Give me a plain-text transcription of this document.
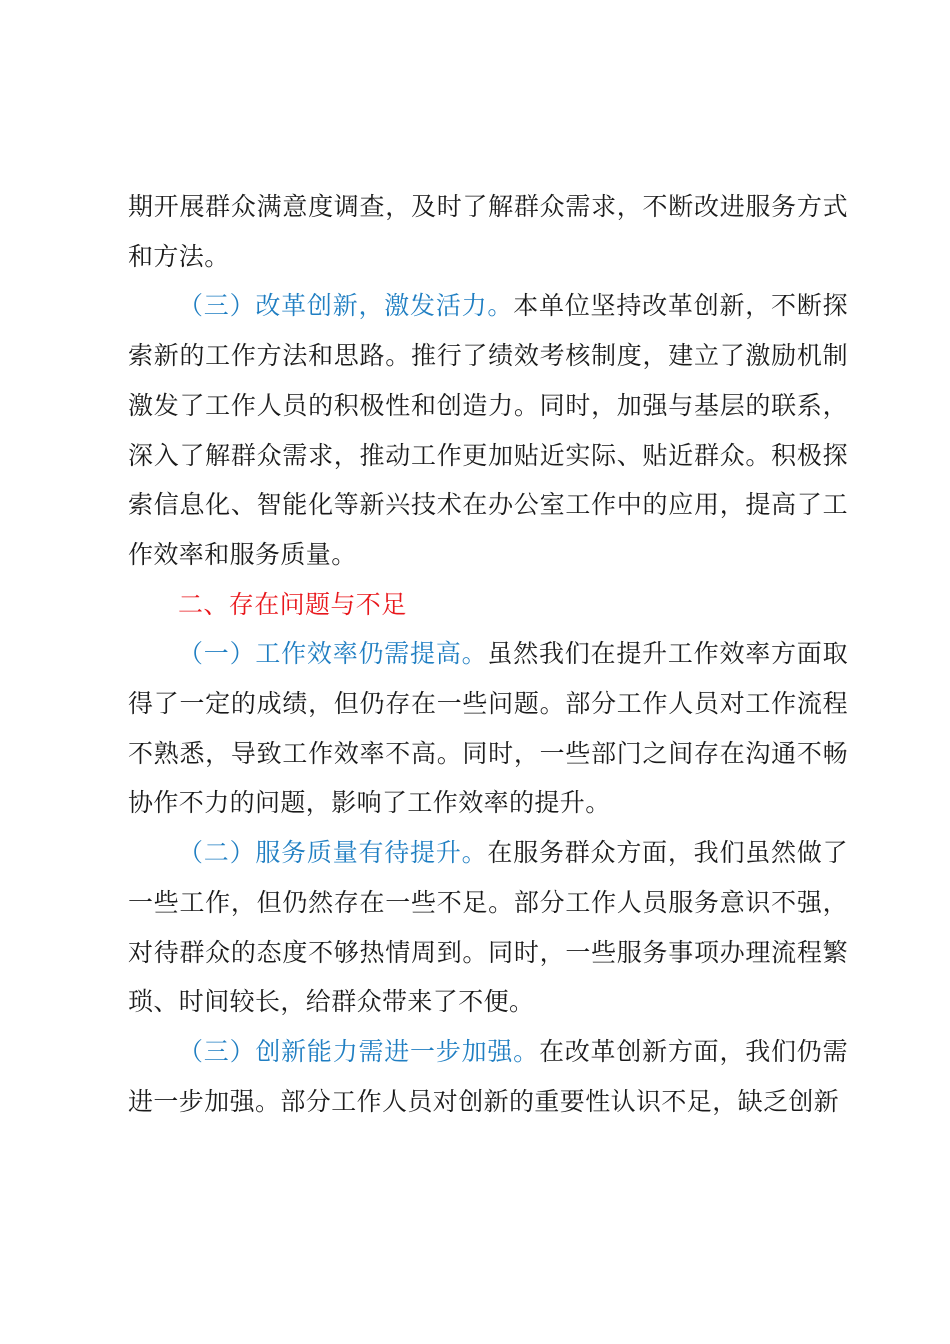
期开展群众满意度调查，及时了解群众需求，不断改进服务方式和方法。

（三）改革创新，激发活力。本单位坚持改革创新，不断探索新的工作方法和思路。推行了绩效考核制度，建立了激励机制激发了工作人员的积极性和创造力。同时，加强与基层的联系，深入了解群众需求，推动工作更加贴近实际、贴近群众。积极探索信息化、智能化等新兴技术在办公室工作中的应用，提高了工作效率和服务质量。

二、存在问题与不足

（一）工作效率仍需提高。虽然我们在提升工作效率方面取得了一定的成绩，但仍存在一些问题。部分工作人员对工作流程不熟悉，导致工作效率不高。同时，一些部门之间存在沟通不畅协作不力的问题，影响了工作效率的提升。

（二）服务质量有待提升。在服务群众方面，我们虽然做了一些工作，但仍然存在一些不足。部分工作人员服务意识不强，对待群众的态度不够热情周到。同时，一些服务事项办理流程繁琐、时间较长，给群众带来了不便。

（三）创新能力需进一步加强。在改革创新方面，我们仍需进一步加强。部分工作人员对创新的重要性认识不足，缺乏创新
